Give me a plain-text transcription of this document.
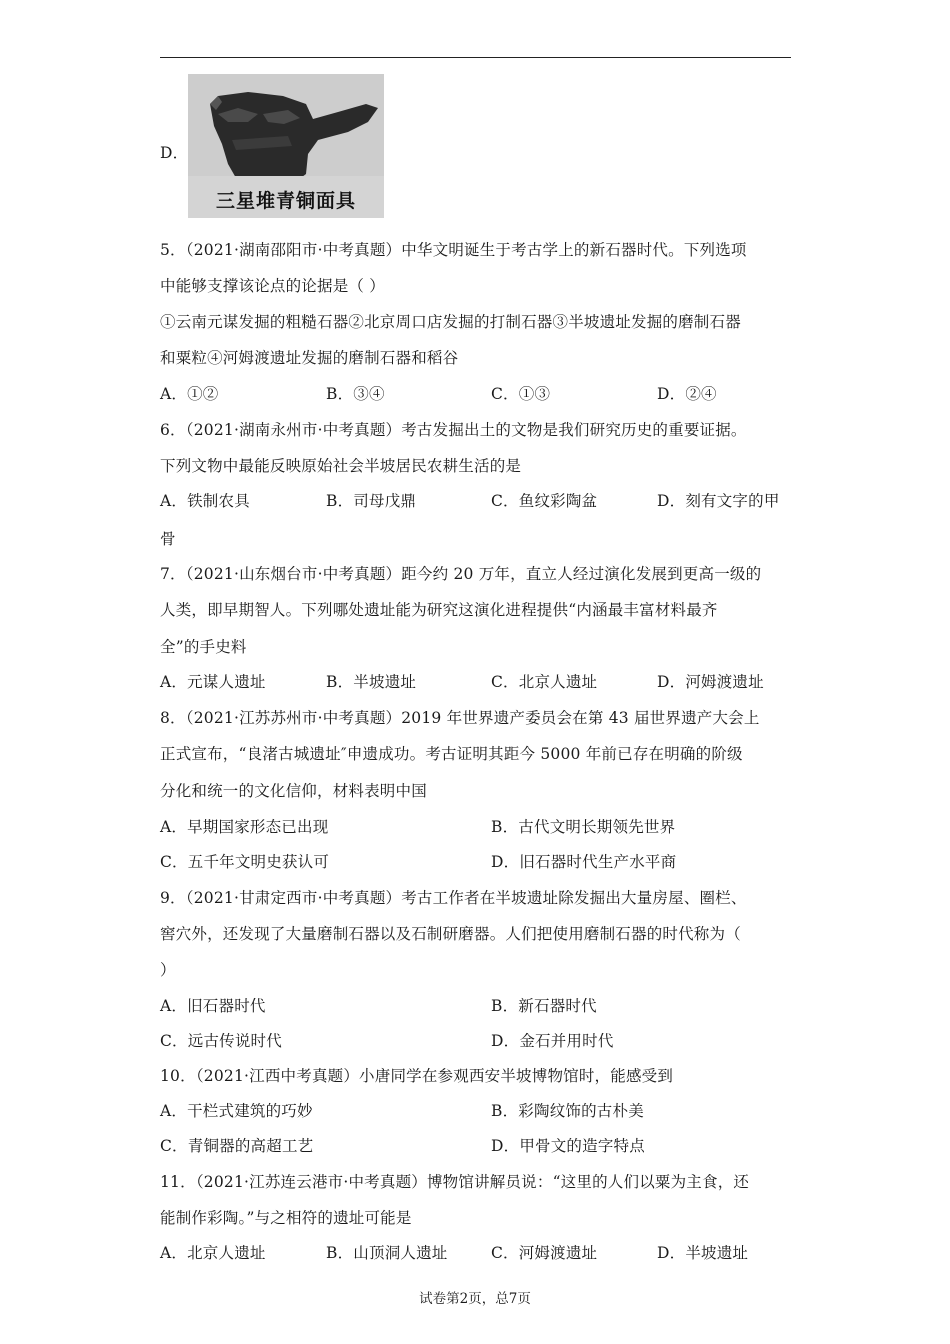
D．
三星堆青铜面具
5．（2021·湖南邵阳市·中考真题）中华文明诞生于考古学上的新石器时代。下列选项
中能够支撑该论点的论据是（ ）
①云南元谋发掘的粗糙石器②北京周口店发掘的打制石器③半坡遗址发掘的磨制石器
和粟粒④河姆渡遗址发掘的磨制石器和稻谷
A．①②	B．③④	C．①③	D．②④
6．（2021·湖南永州市·中考真题）考古发掘出土的文物是我们研究历史的重要证据。
下列文物中最能反映原始社会半坡居民农耕生活的是
A．铁制农具	B．司母戊鼎	C．鱼纹彩陶盆	D．刻有文字的甲
骨
7．（2021·山东烟台市·中考真题）距今约 20 万年，直立人经过演化发展到更高一级的
人类，即早期智人。下列哪处遗址能为研究这演化进程提供“内涵最丰富材料最齐
全”的手史料
A．元谋人遗址	B．半坡遗址	C．北京人遗址	D．河姆渡遗址
8．（2021·江苏苏州市·中考真题）2019 年世界遗产委员会在第 43 届世界遗产大会上
正式宣布，“良渚古城遗址″申遗成功。考古证明其距今 5000 年前已存在明确的阶级
分化和统一的文化信仰，材料表明中国
A．早期国家形态已出现	B．古代文明长期领先世界
C．五千年文明史获认可	D．旧石器时代生产水平商
9．（2021·甘肃定西市·中考真题）考古工作者在半坡遗址除发掘出大量房屋、圈栏、
窖穴外，还发现了大量磨制石器以及石制研磨器。人们把使用磨制石器的时代称为（
）
A．旧石器时代	B．新石器时代
C．远古传说时代	D．金石并用时代
10．（2021·江西中考真题）小唐同学在参观西安半坡博物馆时，能感受到
A．干栏式建筑的巧妙	B．彩陶纹饰的古朴美
C．青铜器的高超工艺	D．甲骨文的造字特点
11．（2021·江苏连云港市·中考真题）博物馆讲解员说：“这里的人们以粟为主食，还
能制作彩陶。”与之相符的遗址可能是
A．北京人遗址	B．山顶洞人遗址	C．河姆渡遗址	D．半坡遗址
试卷第2页，总7页
